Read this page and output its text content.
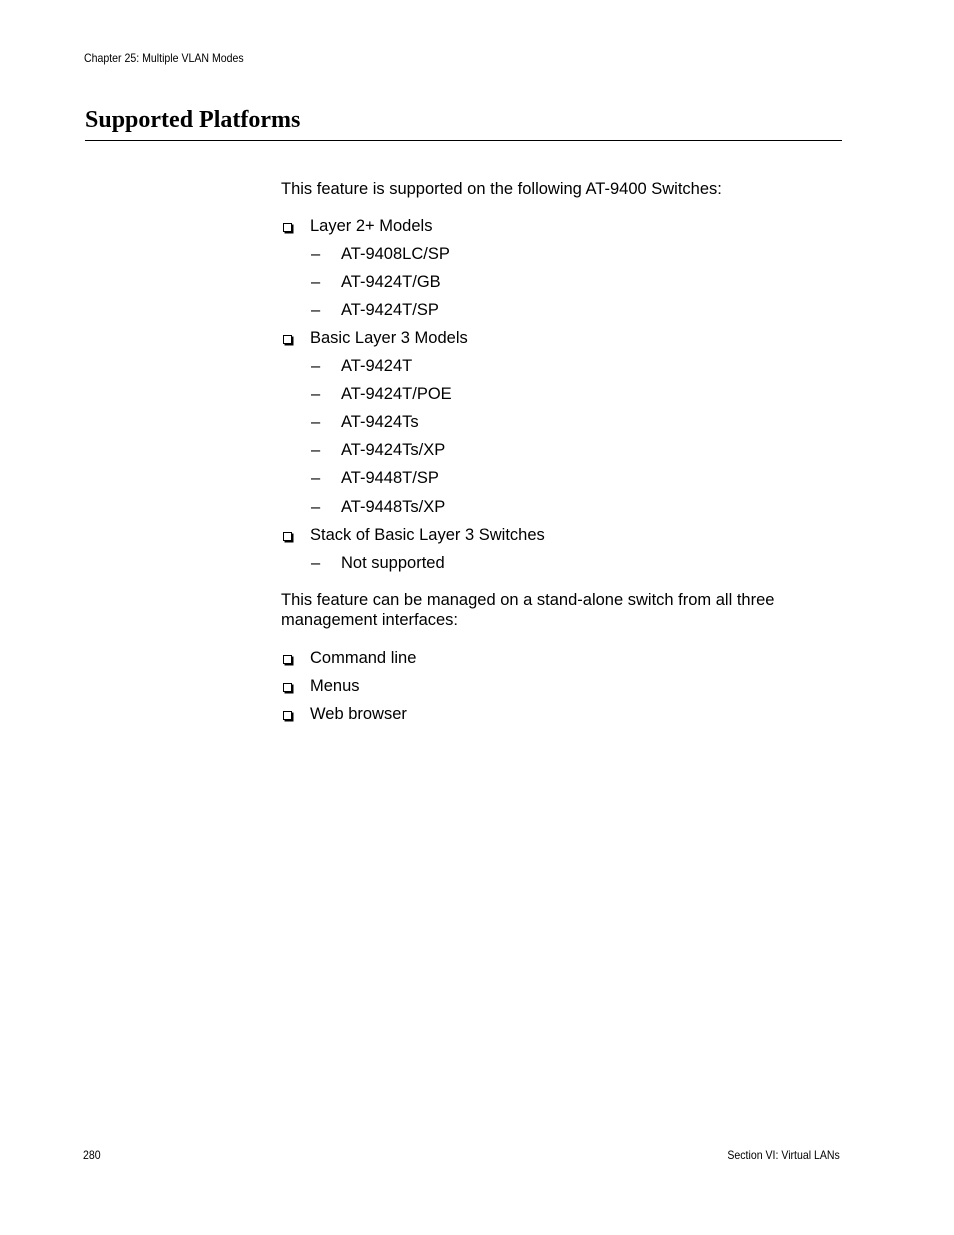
Chapter 25: Multiple VLAN Modes
Supported Platforms

This feature is supported on the following AT-9400 Switches:

Layer 2+ Models
– AT-9408LC/SP
– AT-9424T/GB
– AT-9424T/SP
Basic Layer 3 Models
– AT-9424T
– AT-9424T/POE
– AT-9424Ts
– AT-9424Ts/XP
– AT-9448T/SP
– AT-9448Ts/XP
Stack of Basic Layer 3 Switches
– Not supported

This feature can be managed on a stand-alone switch from all three management interfaces:

Command line
Menus
Web browser
280	Section VI: Virtual LANs
